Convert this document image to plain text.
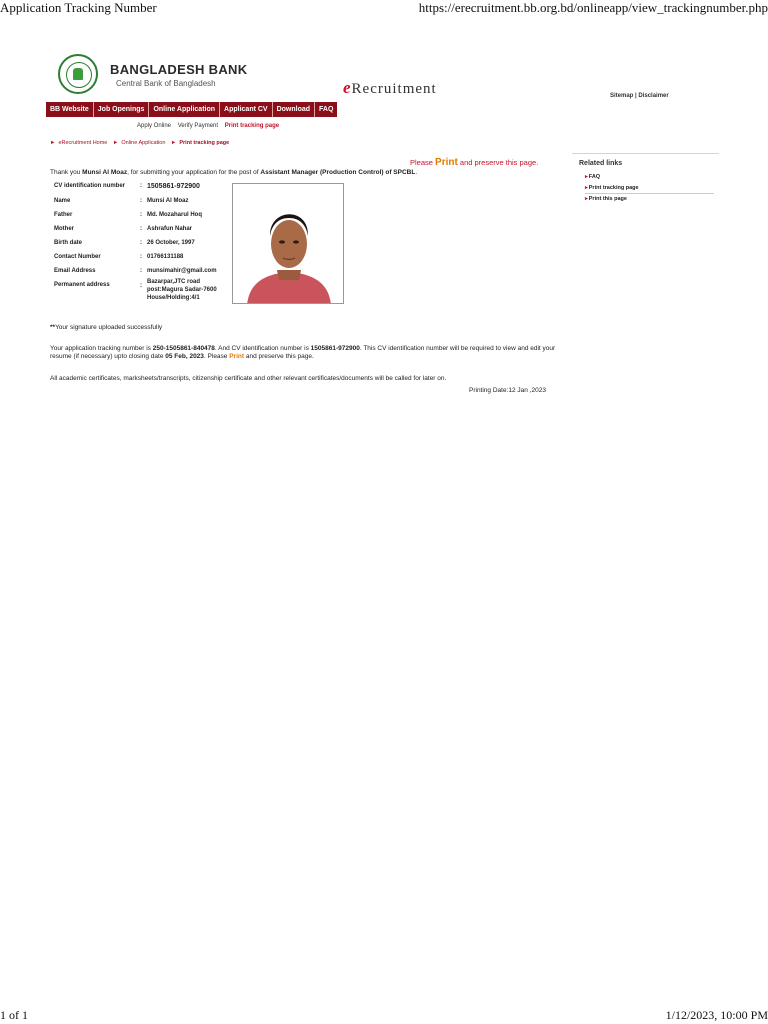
Application Tracking Number	https://erecruitment.bb.org.bd/onlineapp/view_trackingnumber.php
BANGLADESH BANK
Central Bank of Bangladesh	eRecruitment
BB Website	Job Openings	Online Application	Applicant CV	Download	FAQ
Sitemap | Disclaimer
Apply Online Verify Payment Print tracking page
► eRecruitment Home ► Online Application ► Print tracking page
Please Print and preserve this page.
Thank you Munsi Al Moaz, for submitting your application for the post of Assistant Manager (Production Control) of SPCBL.
CV identification number : 1505861-972900
Name	: Munsi Al Moaz
Father	: Md. Mozaharul Hoq
Mother	: Ashrafun Nahar
Birth date	: 26 October, 1997
Contact Number	: 01766131188
Email Address	: munsimahir@gmail.com
Permanent address	:
Bazarpar,JTC road
post:Magura Sadar-7600
House/Holding:4/1
**Your signature uploaded successfully
Your application tracking number is 250-1505861-840478. And CV identification number is 1505861-972900. This CV identification number will be required to view and edit your resume (if necessary) upto closing date 05 Feb, 2023. Please Print and preserve this page.
All academic certificates, marksheets/transcripts, citizenship certificate and other relevant certificates/documents will be called for later on.
Printing Date:12 Jan ,2023
Related links
▸FAQ
▸Print tracking page
▸Print this page
1 of 1	1/12/2023, 10:00 PM
